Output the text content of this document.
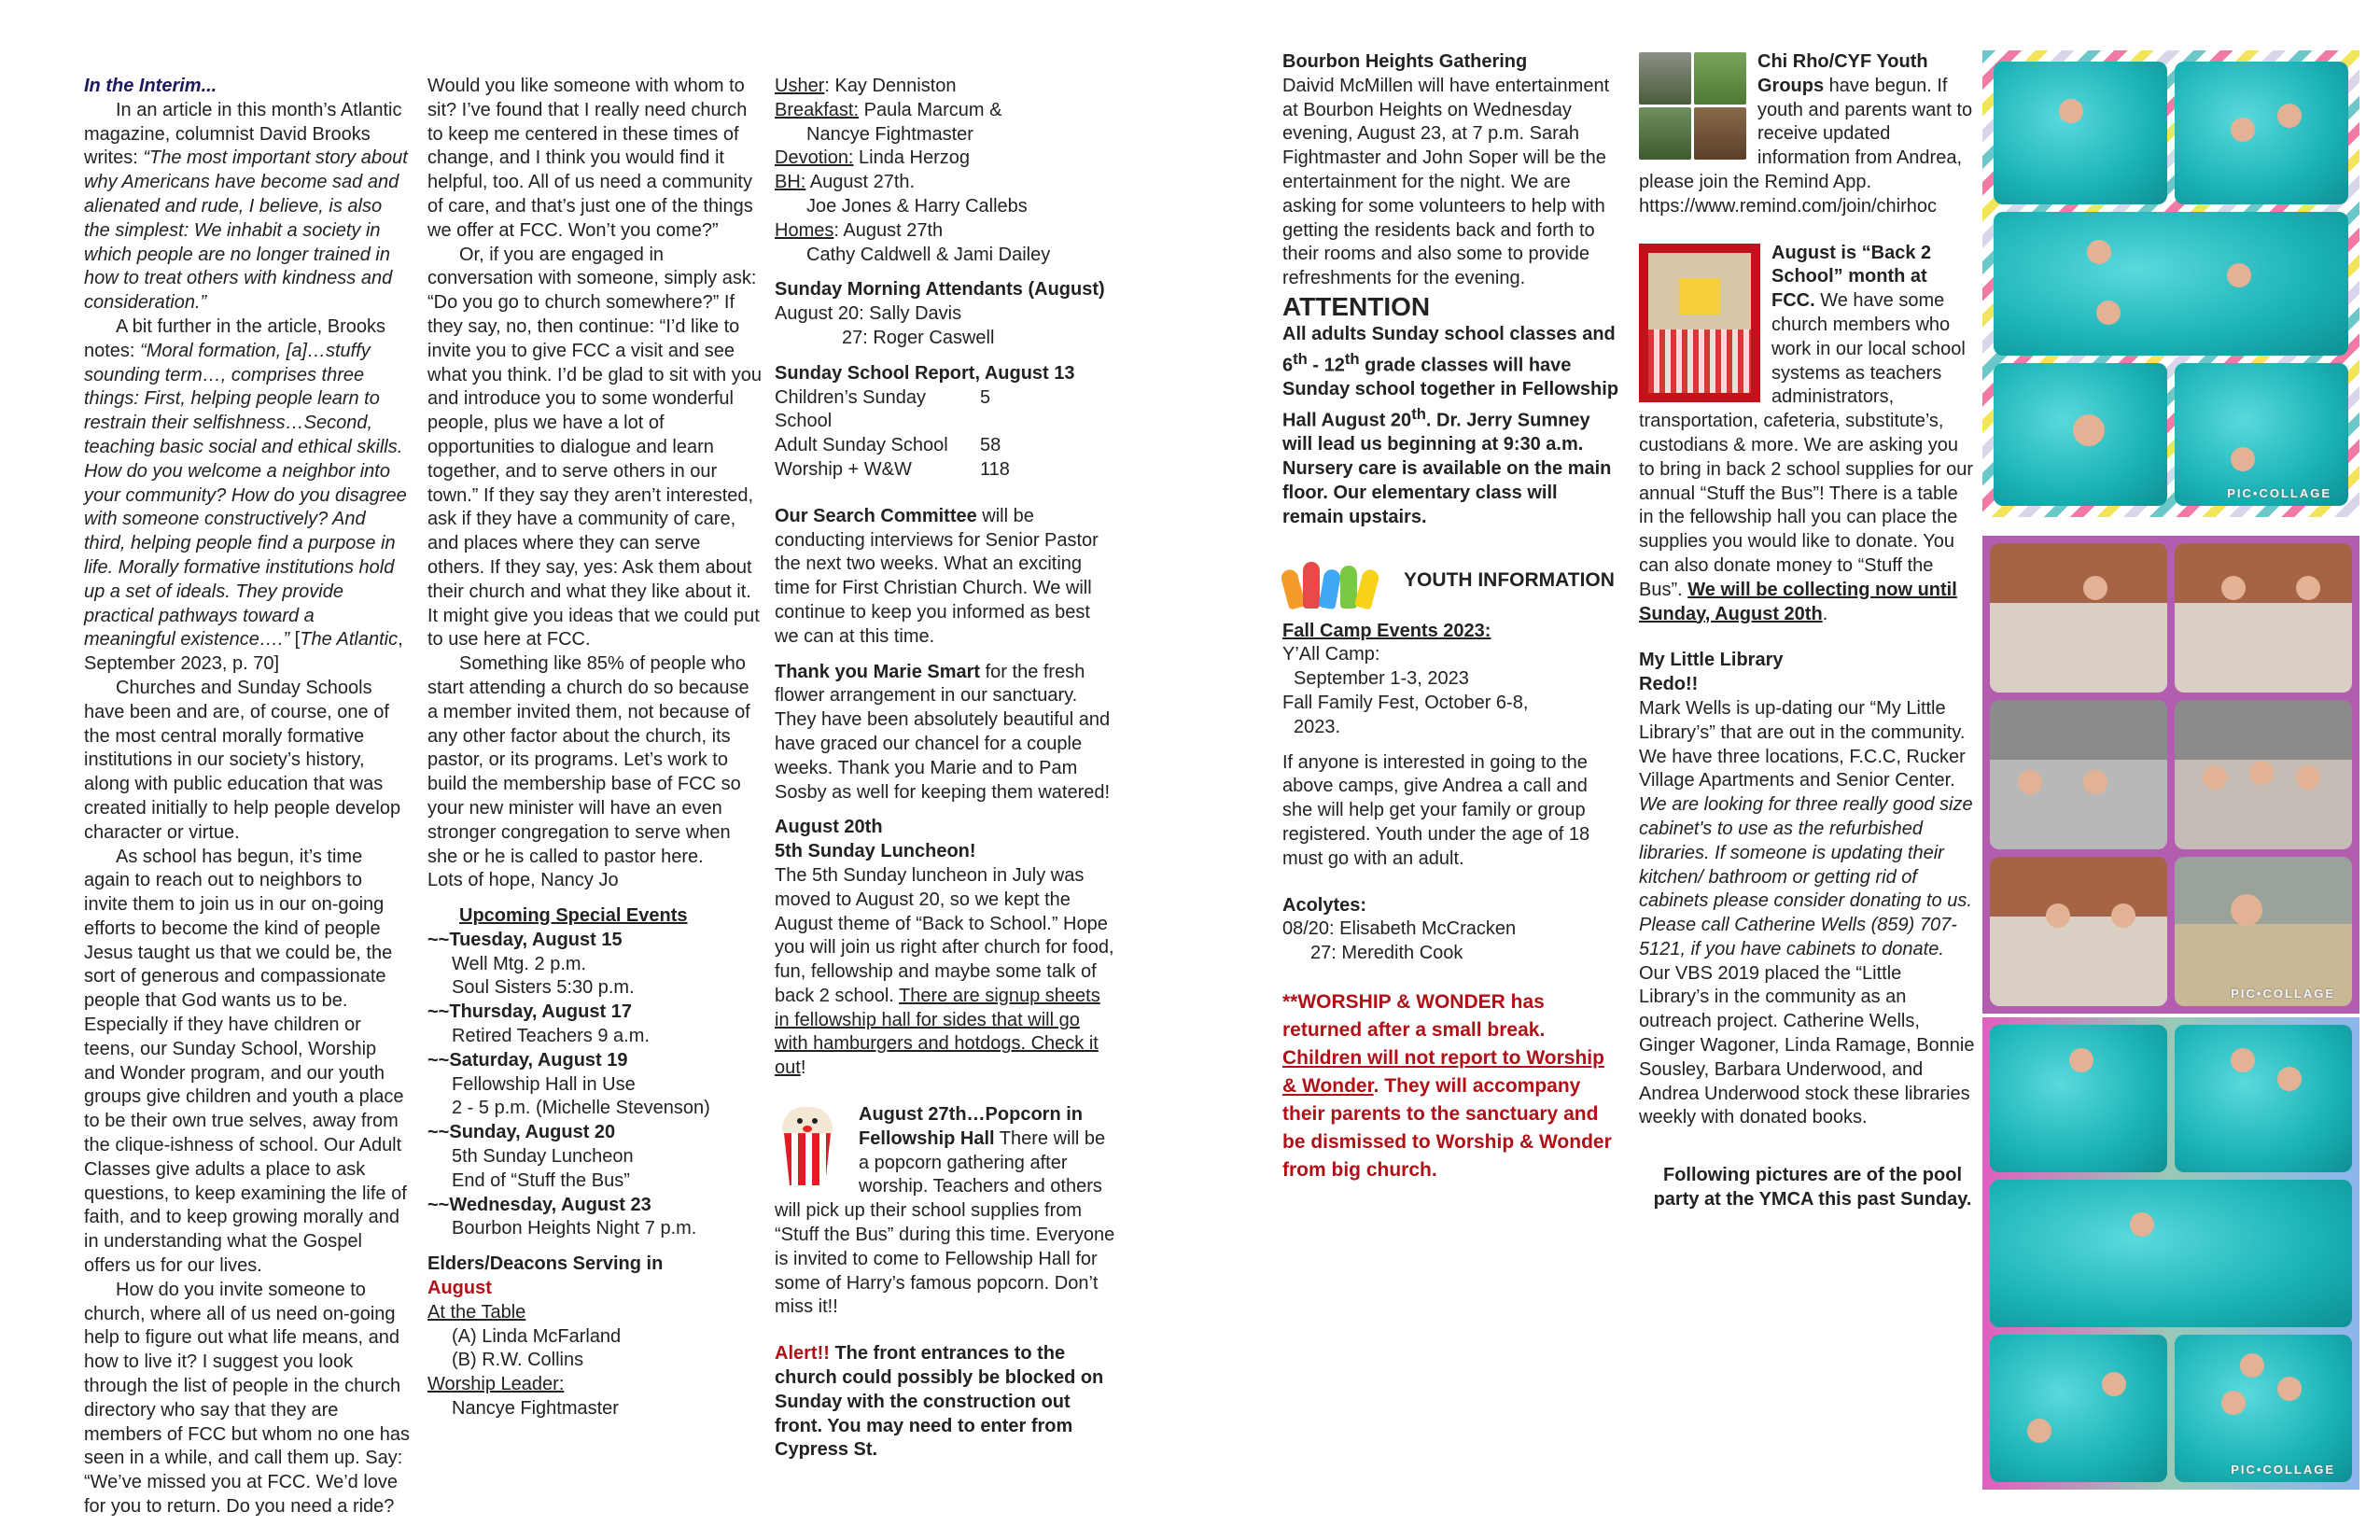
In the Interim...

In an article in this month’s Atlantic magazine, columnist David Brooks writes: “The most important story about why Americans have become sad and alienated and rude, I believe, is also the simplest: We inhabit a society in which people are no longer trained in how to treat others with kindness and consideration.”

A bit further in the article, Brooks notes: “Moral formation, [a]…stuffy sounding term…, comprises three things: First, helping people learn to restrain their selfishness…Second, teaching basic social and ethical skills. How do you welcome a neighbor into your community? How do you disagree with someone constructively? And third, helping people find a purpose in life. Morally formative institutions hold up a set of ideals. They provide practical pathways toward a meaningful existence….” [The Atlantic, September 2023, p. 70]

Churches and Sunday Schools have been and are, of course, one of the most central morally formative institutions in our society’s history, along with public education that was created initially to help people develop character or virtue.

As school has begun, it’s time again to reach out to neighbors to invite them to join us in our on-going efforts to become the kind of people Jesus taught us that we could be, the sort of generous and compassionate people that God wants us to be. Especially if they have children or teens, our Sunday School, Worship and Wonder program, and our youth groups give children and youth a place to be their own true selves, away from the clique-ishness of school. Our Adult Classes give adults a place to ask questions, to keep examining the life of faith, and to keep growing morally and in understanding what the Gospel offers us for our lives.

How do you invite someone to church, where all of us need on-going help to figure out what life means, and how to live it? I suggest you look through the list of people in the church directory who say that they are members of FCC but whom no one has seen in a while, and call them up. Say: “We’ve missed you at FCC. We’d love for you to return. Do you need a ride?

Would you like someone with whom to sit? I’ve found that I really need church to keep me centered in these times of change, and I think you would find it helpful, too. All of us need a community of care, and that’s just one of the things we offer at FCC. Won’t you come?”

Or, if you are engaged in conversation with someone, simply ask: “Do you go to church somewhere?” If they say, no, then continue: “I’d like to invite you to give FCC a visit and see what you think. I’d be glad to sit with you and introduce you to some wonderful people, plus we have a lot of opportunities to dialogue and learn together, and to serve others in our town.” If they say they aren’t interested, ask if they have a community of care, and places where they can serve others. If they say, yes: Ask them about their church and what they like about it. It might give you ideas that we could put to use here at FCC.

Something like 85% of people who start attending a church do so because a member invited them, not because of any other factor about the church, its pastor, or its programs. Let’s work to build the membership base of FCC so your new minister will have an even stronger congregation to serve when she or he is called to pastor here.

Lots of hope, Nancy Jo

Upcoming Special Events

~~Tuesday, August 15

Well Mtg. 2 p.m.

Soul Sisters 5:30 p.m.

~~Thursday, August 17

Retired Teachers 9 a.m.

~~Saturday, August 19

Fellowship Hall in Use

2 - 5 p.m. (Michelle Stevenson)

~~Sunday, August 20

5th Sunday Luncheon

End of “Stuff the Bus”

~~Wednesday, August 23

Bourbon Heights Night 7 p.m.

Elders/Deacons Serving in

August

At the Table

(A) Linda McFarland

(B) R.W. Collins

Worship Leader:

Nancye Fightmaster

Usher: Kay Denniston

Breakfast: Paula Marcum &

Nancye Fightmaster

Devotion: Linda Herzog

BH: August 27th.

Joe Jones & Harry Callebs

Homes: August 27th

Cathy Caldwell & Jami Dailey

Sunday Morning Attendants (August)

August 20: Sally Davis

27: Roger Caswell

Sunday School Report, August 13

Children’s Sunday School
5
Adult Sunday School	58
Worship + W&W	118

Our Search Committee will be conducting interviews for Senior Pastor the next two weeks. What an exciting time for First Christian Church. We will continue to keep you informed as best we can at this time.

Thank you Marie Smart for the fresh flower arrangement in our sanctuary. They have been absolutely beautiful and have graced our chancel for a couple weeks. Thank you Marie and to Pam Sosby as well for keeping them watered!

August 20th

5th Sunday Luncheon!

The 5th Sunday luncheon in July was moved to August 20, so we kept the August theme of “Back to School.” Hope you will join us right after church for food, fun, fellowship and maybe some talk of back 2 school. There are signup sheets in fellowship hall for sides that will go with hamburgers and hotdogs. Check it out!

August 27th…Popcorn in Fellowship Hall There will be a popcorn gathering after worship. Teachers and others will pick up their school supplies from “Stuff the Bus” during this time. Everyone is invited to come to Fellowship Hall for some of Harry’s famous popcorn. Don’t miss it!!

Alert!! The front entrances to the church could possibly be blocked on Sunday with the construction out front. You may need to enter from Cypress St.

Bourbon Heights Gathering

Daivid McMillen will have entertainment at Bourbon Heights on Wednesday evening, August 23, at 7 p.m. Sarah Fightmaster and John Soper will be the entertainment for the night. We are asking for some volunteers to help with getting the residents back and forth to their rooms and also some to provide refreshments for the evening.

ATTENTION

All adults Sunday school classes and 6th - 12th grade classes will have Sunday school together in Fellowship Hall August 20th. Dr. Jerry Sumney will lead us beginning at 9:30 a.m. Nursery care is available on the main floor. Our elementary class will remain upstairs.

YOUTH INFORMATION

Fall Camp Events 2023:

Y’All Camp:

September 1-3, 2023

Fall Family Fest, October 6-8,

2023.

If anyone is interested in going to the above camps, give Andrea a call and she will help get your family or group registered. Youth under the age of 18 must go with an adult.

Acolytes:

08/20: Elisabeth McCracken

27: Meredith Cook

**WORSHIP & WONDER has returned after a small break. Children will not report to Worship & Wonder. They will accompany their parents to the sanctuary and be dismissed to Worship & Wonder from big church.

Chi Rho/CYF Youth Groups have begun. If youth and parents want to receive updated information from Andrea, please join the Remind App. https://www.remind.com/join/chirhoc

August is “Back 2 School” month at FCC. We have some church members who work in our local school systems as teachers administrators, transportation, cafeteria, substitute’s, custodians & more. We are asking you to bring in back 2 school supplies for our annual “Stuff the Bus”! There is a table in the fellowship hall you can place the supplies you would like to donate. You can also donate money to “Stuff the Bus”. We will be collecting now until Sunday, August 20th.

My Little Library

Redo!!

Mark Wells is up-dating our “My Little Library’s” that are out in the community. We have three locations, F.C.C, Rucker Village Apartments and Senior Center. We are looking for three really good size cabinet's to use as the refurbished libraries. If someone is updating their kitchen/ bathroom or getting rid of cabinets please consider donating to us. Please call Catherine Wells (859) 707-5121, if you have cabinets to donate.

Our VBS 2019 placed the “Little Library’s in the community as an outreach project. Catherine Wells, Ginger Wagoner, Linda Ramage, Bonnie Sousley, Barbara Underwood, and Andrea Underwood stock these libraries weekly with donated books.

Following pictures are of the pool party at the YMCA this past Sunday.

PIC•COLLAGE
PIC•COLLAGE
PIC•COLLAGE
